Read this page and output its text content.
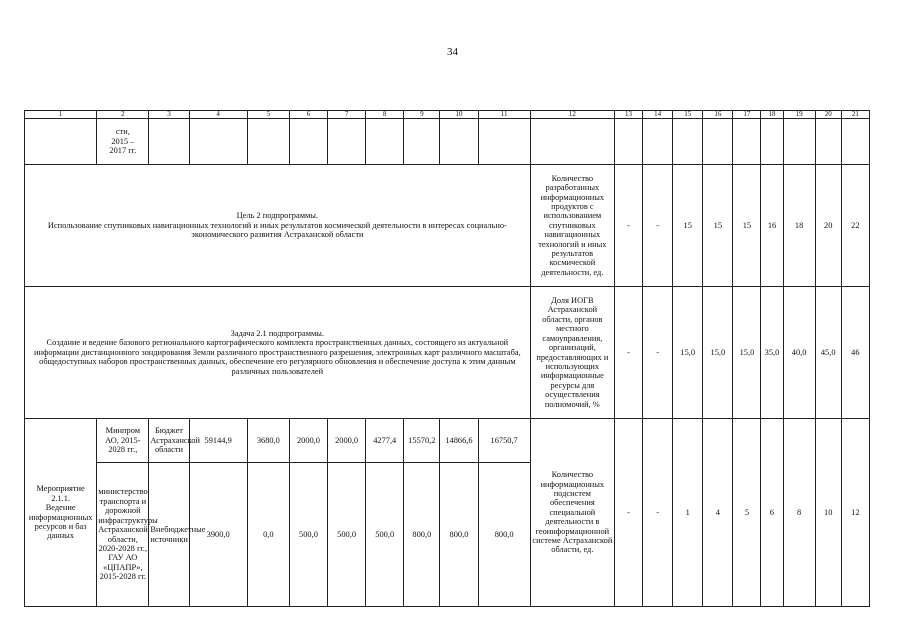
34
1	2	3	4	5	6	7	8	9	10	11	12	13	14	15	16	17	18	19	20	21
	сти,
2015 –
2017 гг.																			

Цель 2 подпрограммы.
Использование спутниковых навигационных технологий и иных результатов космической деятельности в интересах социально-экономического развития Астраханской области											Количество разработанных информационных продуктов с использованием спутниковых навигационных технологий и иных результатов космической деятельности, ед.	-	-	15	15	15	16	18	20	22

Задача 2.1 подпрограммы.
Создание и ведение базового регионального картографического комплекта пространственных данных, состоящего из актуальной информации дистанционного зондирования Земли различного пространственного разрешения, электронных карт различного масштаба, общедоступных наборов пространственных данных, обеспечение его регулярного обновления и обеспечение доступа к этим данным различных пользователей											Доля ИОГВ Астраханской области, органов местного самоуправления, организаций, предоставляющих и использующих информационные ресурсы для осуществления полномочий, %	-	-	15,0	15,0	15,0	35,0	40,0	45,0	46
Мероприятие
2.1.1.
Ведение информационных ресурсов и баз данных	Минпром АО, 2015-2028 гг.,	Бюджет Астраханской области	59144,9	3680,0	2000,0	2000,0	4277,4	15570,2	14866,6	16750,7	Количество информационных подсистем обеспечения специальной деятельности в геоинформационной системе Астраханской области, ед.	-	-	1	4	5	6	8	10	12
	министерство транспорта и дорожной инфраструктуры Астраханской области, 2020-2028 гг., ГАУ АО «ЦПАПР», 2015-2028 гг.	Внебюджетные источники	3900,0	0,0	500,0	500,0	500,0	800,0	800,0	800,0										
